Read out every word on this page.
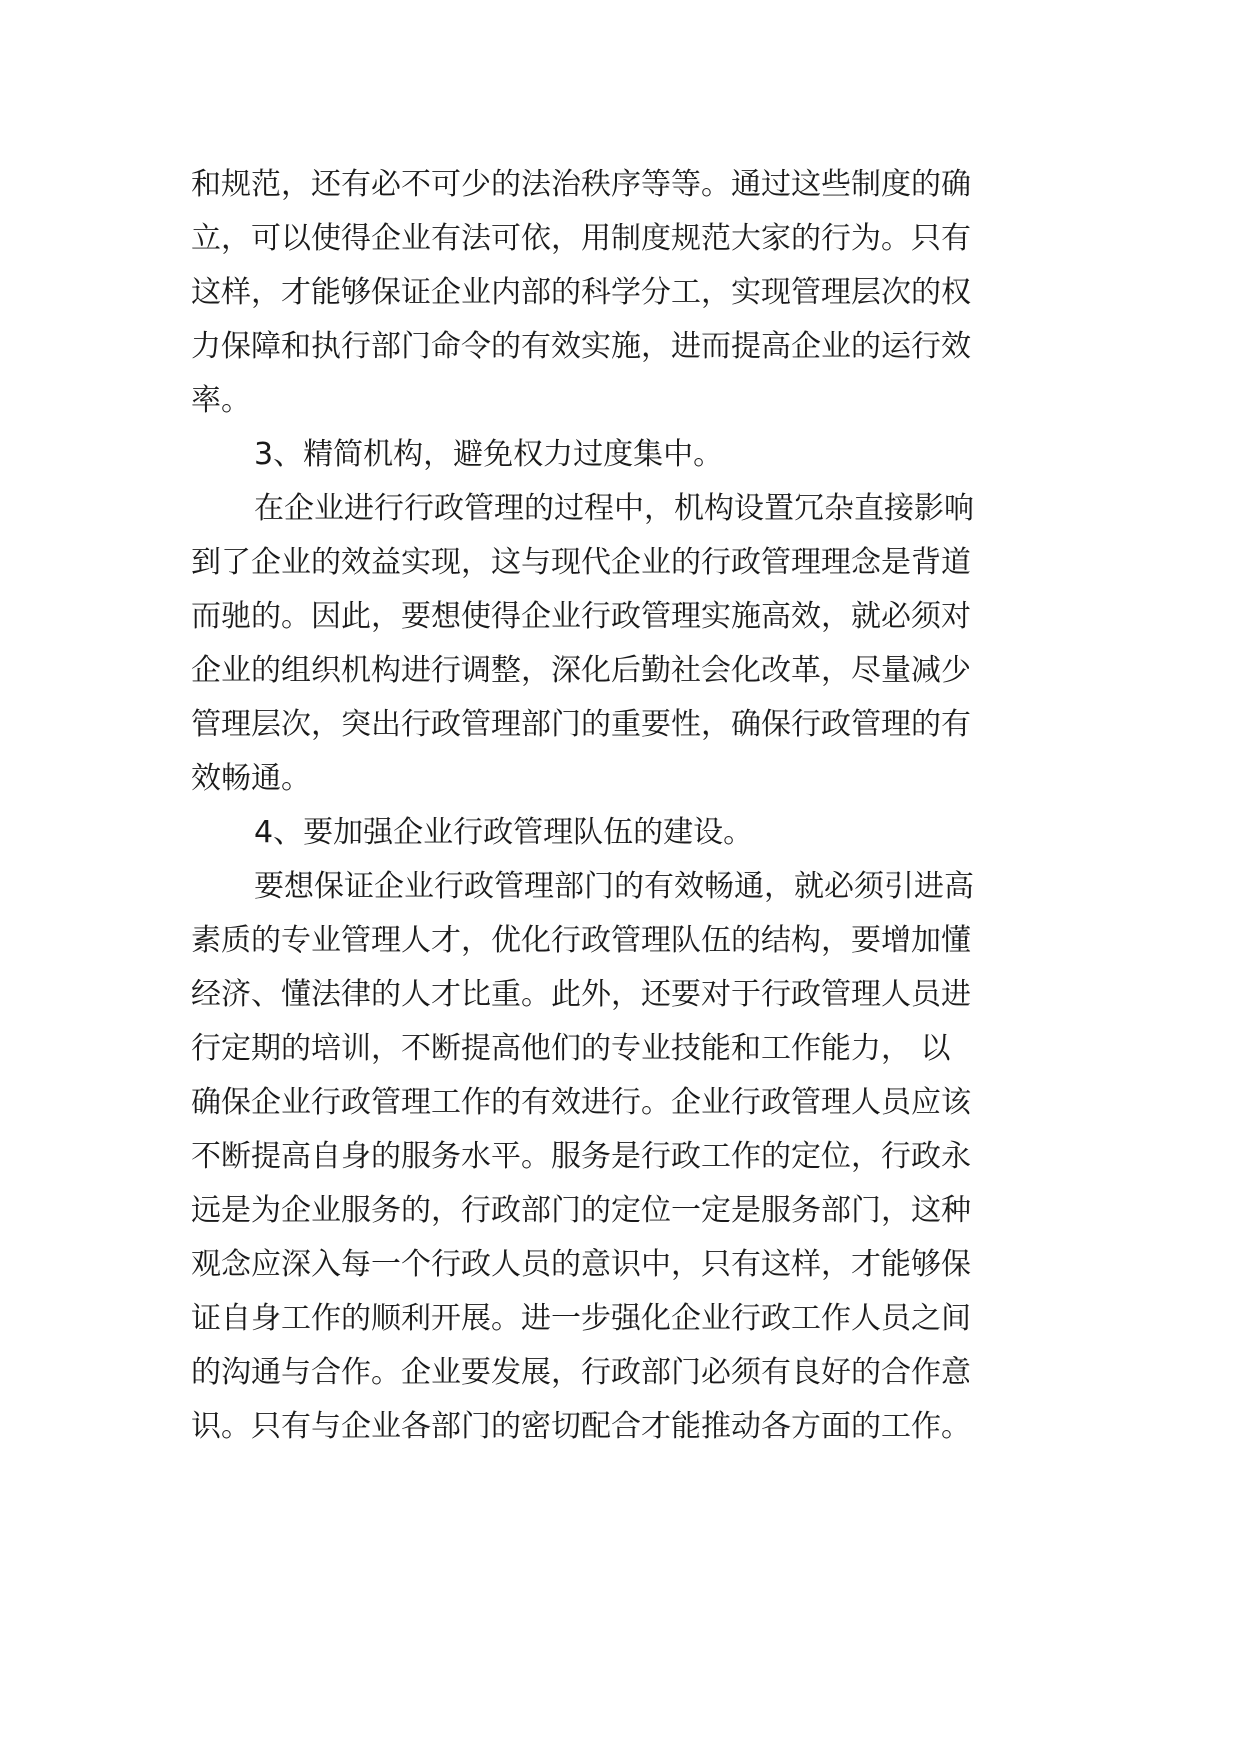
和规范，还有必不可少的法治秩序等等。通过这些制度的确

立，可以使得企业有法可依，用制度规范大家的行为。只有

这样，才能够保证企业内部的科学分工，实现管理层次的权

力保障和执行部门命令的有效实施，进而提高企业的运行效

率。

3、精简机构，避免权力过度集中。

在企业进行行政管理的过程中，机构设置冗杂直接影响

到了企业的效益实现，这与现代企业的行政管理理念是背道

而驰的。因此，要想使得企业行政管理实施高效，就必须对

企业的组织机构进行调整，深化后勤社会化改革，尽量减少

管理层次，突出行政管理部门的重要性，确保行政管理的有

效畅通。

4、要加强企业行政管理队伍的建设。

要想保证企业行政管理部门的有效畅通，就必须引进高

素质的专业管理人才，优化行政管理队伍的结构，要增加懂

经济、懂法律的人才比重。此外，还要对于行政管理人员进

行定期的培训，不断提高他们的专业技能和工作能力， 以

确保企业行政管理工作的有效进行。企业行政管理人员应该

不断提高自身的服务水平。服务是行政工作的定位，行政永

远是为企业服务的，行政部门的定位一定是服务部门，这种

观念应深入每一个行政人员的意识中，只有这样，才能够保

证自身工作的顺利开展。进一步强化企业行政工作人员之间

的沟通与合作。企业要发展，行政部门必须有良好的合作意

识。只有与企业各部门的密切配合才能推动各方面的工作。
